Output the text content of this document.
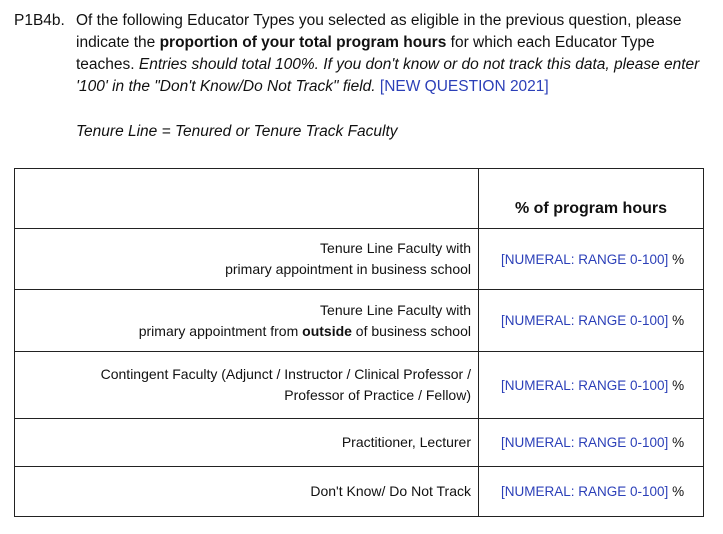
P1B4b. Of the following Educator Types you selected as eligible in the previous question, please indicate the proportion of your total program hours for which each Educator Type teaches. Entries should total 100%. If you don't know or do not track this data, please enter '100' in the "Don't Know/Do Not Track" field. [NEW QUESTION 2021]
Tenure Line = Tenured or Tenure Track Faculty
	% of program hours

Tenure Line Faculty with
primary appointment in business school	[NUMERAL: RANGE 0-100] %

Tenure Line Faculty with
primary appointment from outside of business school	[NUMERAL: RANGE 0-100] %

Contingent Faculty (Adjunct / Instructor / Clinical Professor /
Professor of Practice / Fellow)	[NUMERAL: RANGE 0-100] %

Practitioner, Lecturer	[NUMERAL: RANGE 0-100] %

Don't Know/ Do Not Track	[NUMERAL: RANGE 0-100] %
